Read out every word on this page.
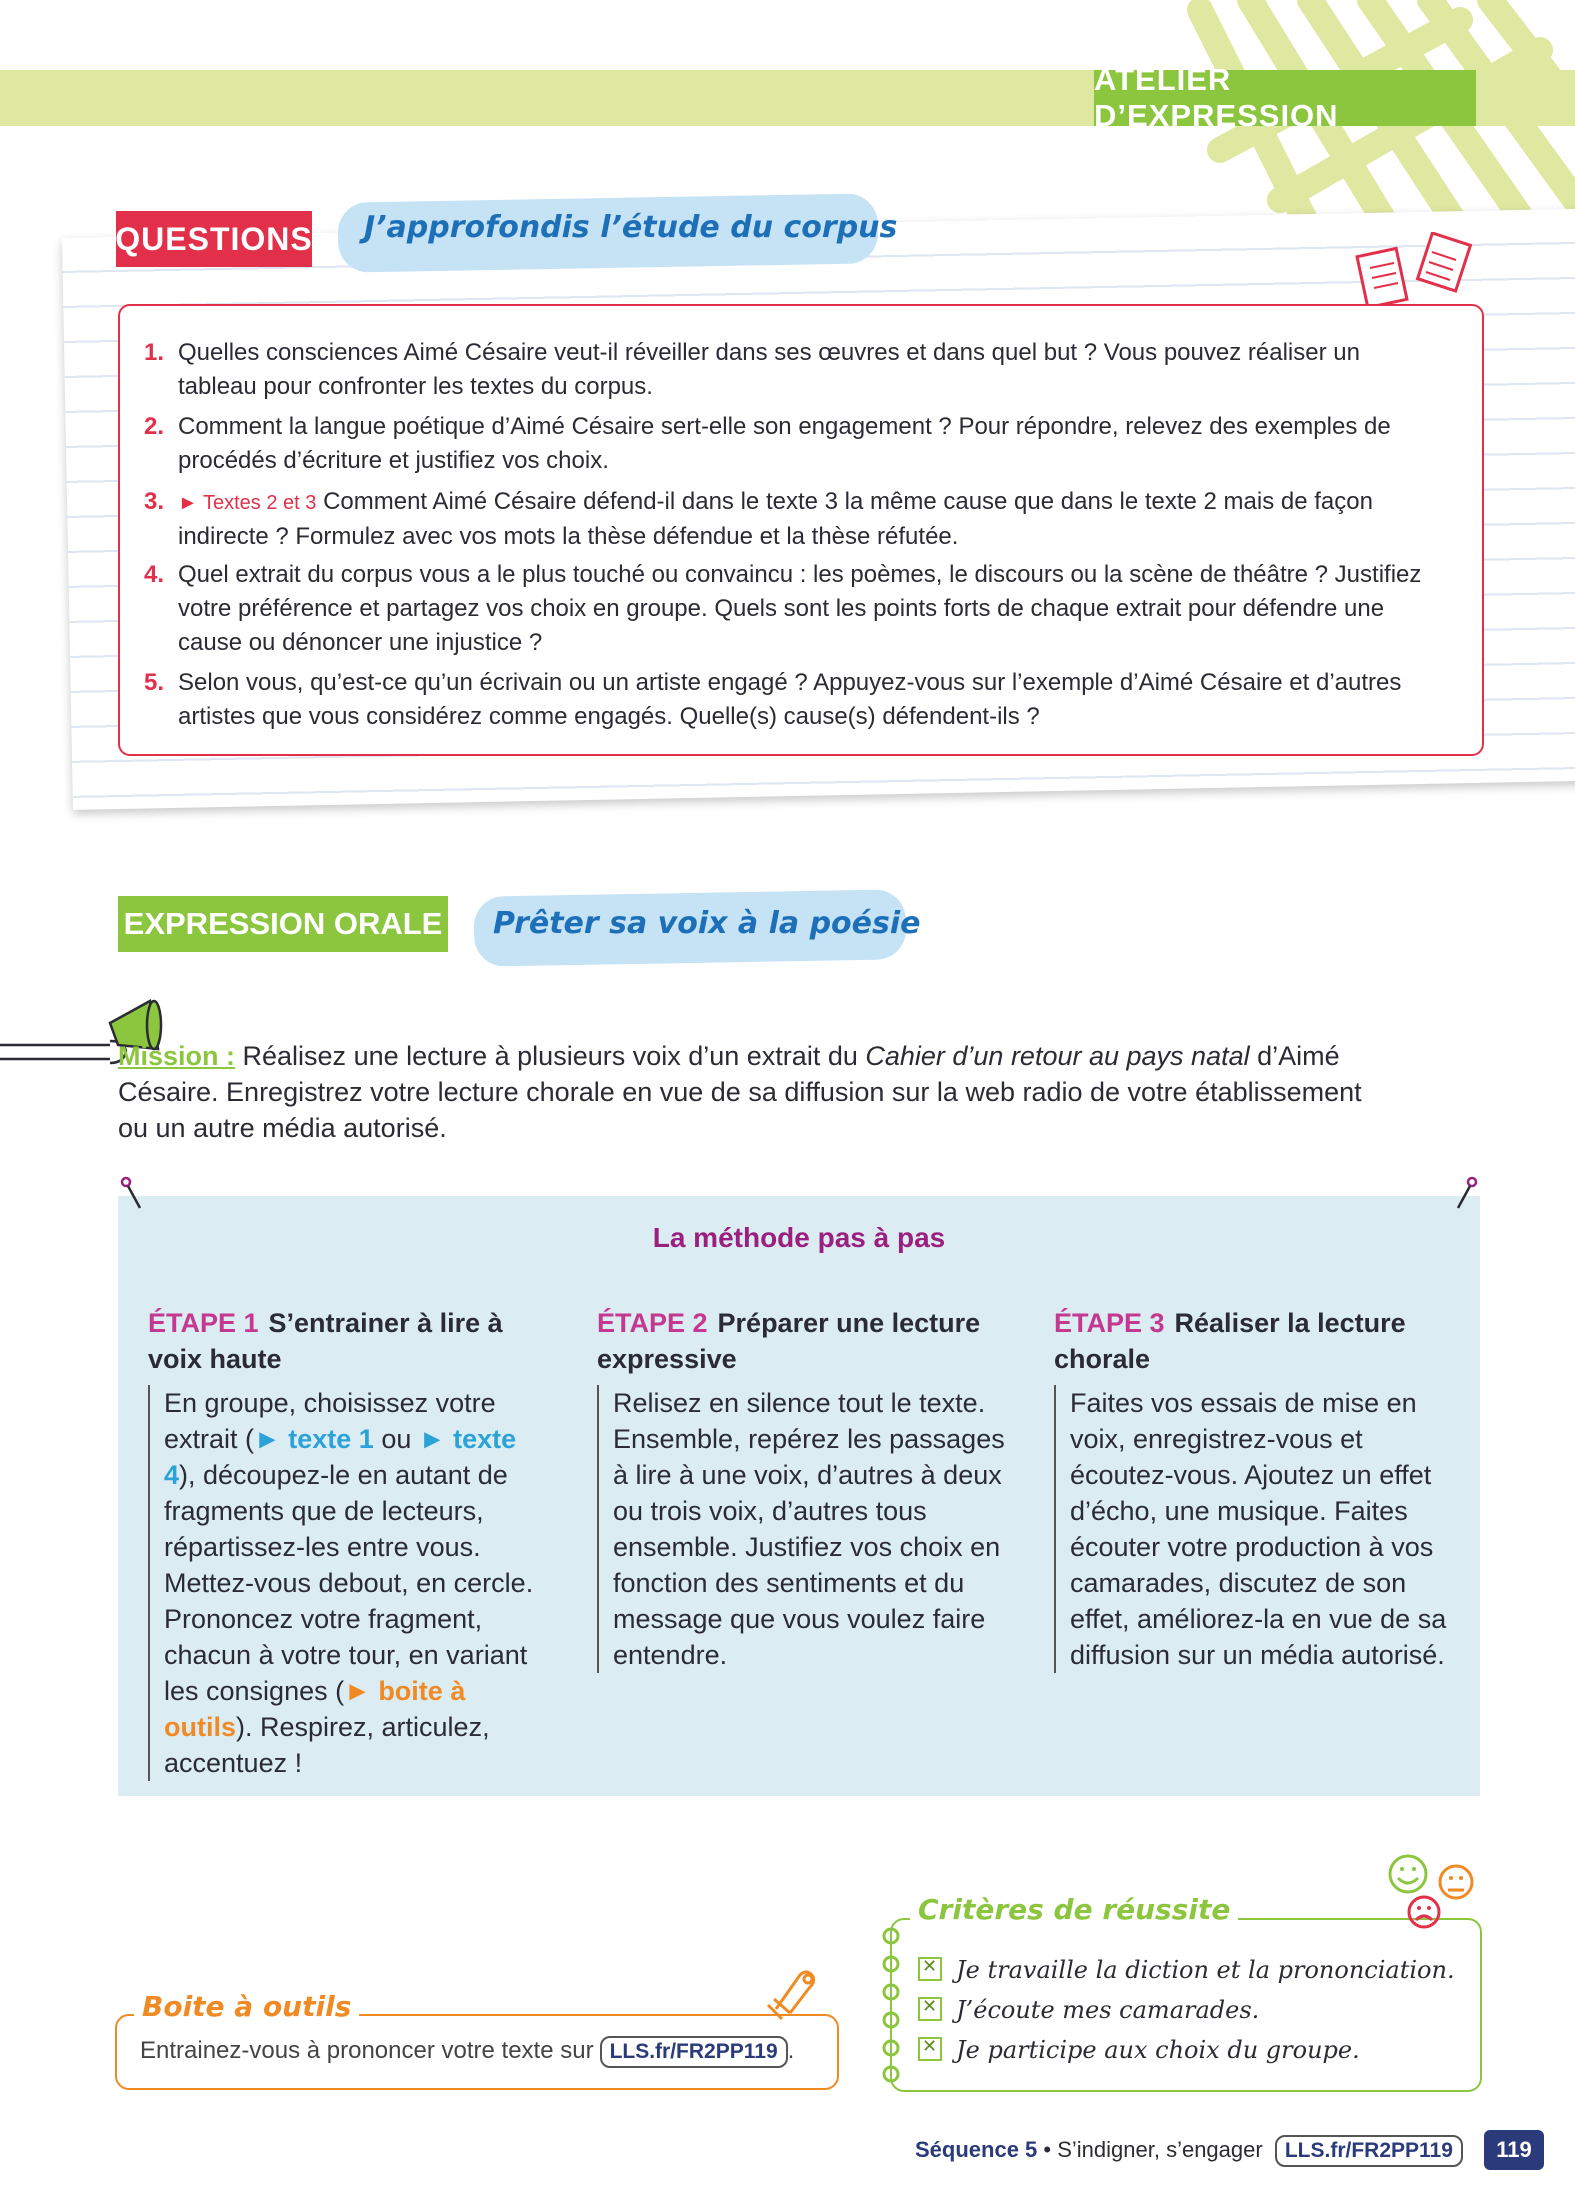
ATELIER D’EXPRESSION
QUESTIONS J’approfondis l’étude du corpus
1. Quelles consciences Aimé Césaire veut-il réveiller dans ses œuvres et dans quel but ? Vous pouvez réaliser un tableau pour confronter les textes du corpus.
2. Comment la langue poétique d’Aimé Césaire sert-elle son engagement ? Pour répondre, relevez des exemples de procédés d’écriture et justifiez vos choix.
3. ► Textes 2 et 3 Comment Aimé Césaire défend-il dans le texte 3 la même cause que dans le texte 2 mais de façon indirecte ? Formulez avec vos mots la thèse défendue et la thèse réfutée.
4. Quel extrait du corpus vous a le plus touché ou convaincu : les poèmes, le discours ou la scène de théâtre ? Justifiez votre préférence et partagez vos choix en groupe. Quels sont les points forts de chaque extrait pour défendre une cause ou dénoncer une injustice ?
5. Selon vous, qu’est-ce qu’un écrivain ou un artiste engagé ? Appuyez-vous sur l’exemple d’Aimé Césaire et d’autres artistes que vous considérez comme engagés. Quelle(s) cause(s) défendent-ils ?
EXPRESSION ORALE Prêter sa voix à la poésie
Mission : Réalisez une lecture à plusieurs voix d’un extrait du Cahier d’un retour au pays natal d’Aimé Césaire. Enregistrez votre lecture chorale en vue de sa diffusion sur la web radio de votre établissement ou un autre média autorisé.
La méthode pas à pas
ÉTAPE 1 S’entrainer à lire à voix haute
En groupe, choisissez votre extrait (► texte 1 ou ► texte 4), découpez-le en autant de fragments que de lecteurs, répartissez-les entre vous. Mettez-vous debout, en cercle. Prononcez votre fragment, chacun à votre tour, en variant les consignes (► boite à outils). Respirez, articulez, accentuez !
ÉTAPE 2 Préparer une lecture expressive
Relisez en silence tout le texte. Ensemble, repérez les passages à lire à une voix, d’autres à deux ou trois voix, d’autres tous ensemble. Justifiez vos choix en fonction des sentiments et du message que vous voulez faire entendre.
ÉTAPE 3 Réaliser la lecture chorale
Faites vos essais de mise en voix, enregistrez-vous et écoutez-vous. Ajoutez un effet d’écho, une musique. Faites écouter votre production à vos camarades, discutez de son effet, améliorez-la en vue de sa diffusion sur un média autorisé.
Boite à outils
Entrainez-vous à prononcer votre texte sur LLS.fr/FR2PP119 .
Critères de réussite
✕Je travaille la diction et la prononciation.
✕J’écoute mes camarades.
✕Je participe aux choix du groupe.
Séquence 5 • S’indigner, s’engager LLS.fr/FR2PP119	119
